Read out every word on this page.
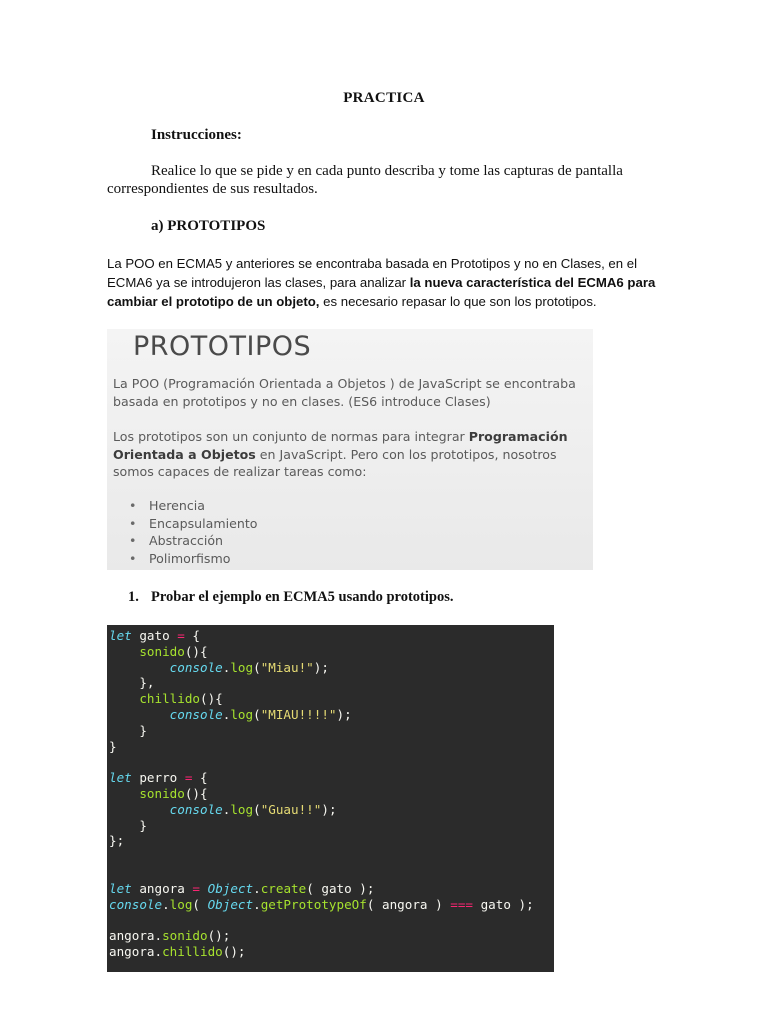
PRACTICA
Instrucciones:
Realice lo que se pide y en cada punto describa y tome las capturas de pantalla correspondientes de sus resultados.
a) PROTOTIPOS
La POO en ECMA5 y anteriores se encontraba basada en Prototipos y no en Clases, en el ECMA6 ya se introdujeron las clases, para analizar la nueva característica del ECMA6 para cambiar el prototipo de un objeto, es necesario repasar lo que son los prototipos.
PROTOTIPOS
La POO (Programación Orientada a Objetos ) de JavaScript se encontraba basada en prototipos y no en clases. (ES6 introduce Clases)
Los prototipos son un conjunto de normas para integrar Programación Orientada a Objetos en JavaScript. Pero con los prototipos, nosotros somos capaces de realizar tareas como:
• Herencia
• Encapsulamiento
• Abstracción
• Polimorfismo
1. Probar el ejemplo en ECMA5 usando prototipos.
let gato = {
sonido(){
console.log("Miau!");
},
chillido(){
console.log("MIAU!!!!");
}
}
let perro = {
sonido(){
console.log("Guau!!");
}
};
let angora = Object.create( gato );
console.log( Object.getPrototypeOf( angora ) === gato );
angora.sonido();
angora.chillido();
